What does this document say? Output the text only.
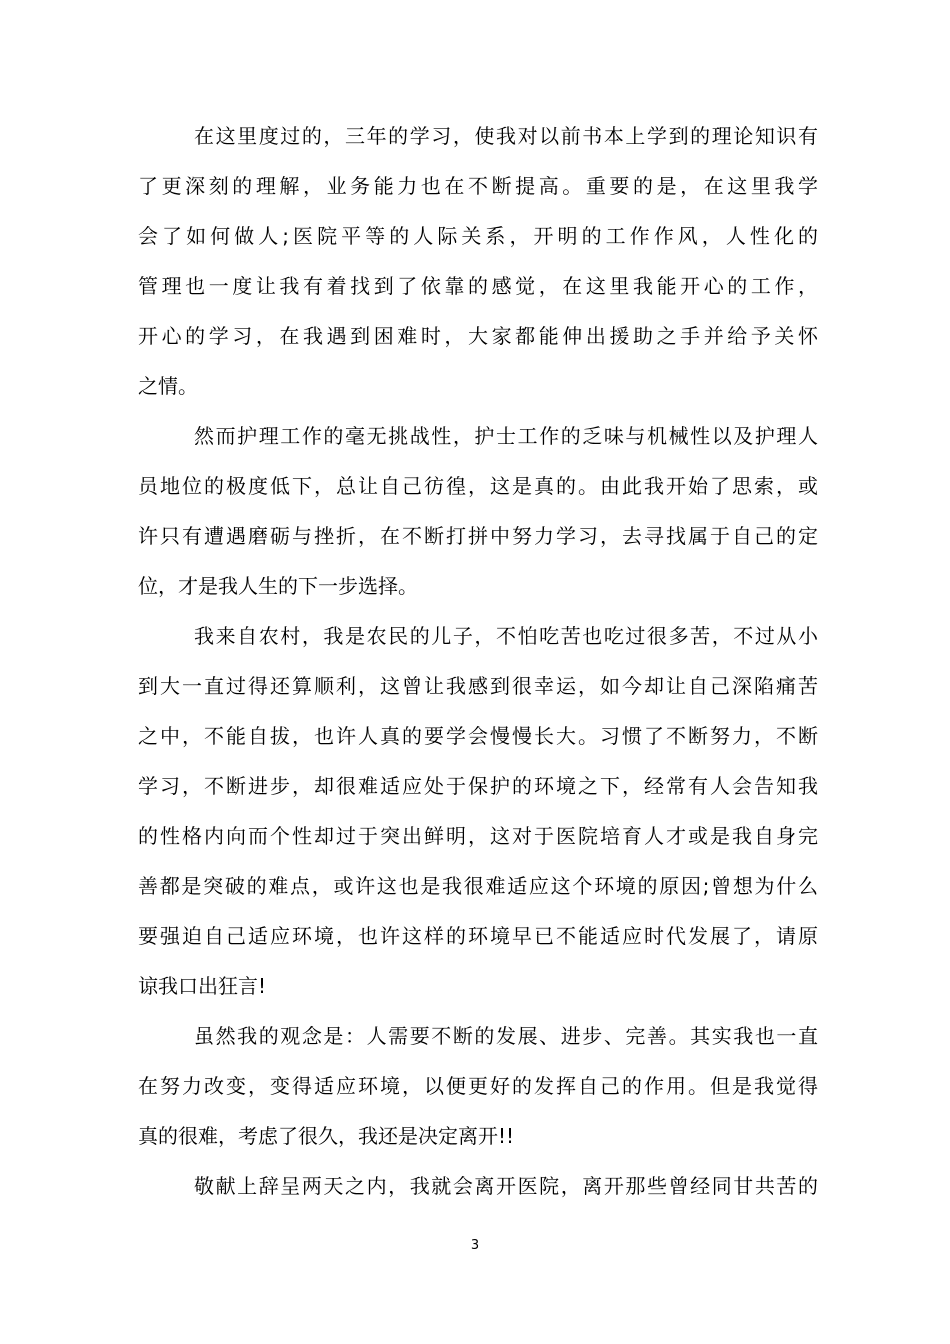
在这里度过的，三年的学习，使我对以前书本上学到的理论知识有
了更深刻的理解，业务能力也在不断提高。重要的是，在这里我学
会了如何做人;医院平等的人际关系，开明的工作作风，人性化的
管理也一度让我有着找到了依靠的感觉，在这里我能开心的工作，
开心的学习，在我遇到困难时，大家都能伸出援助之手并给予关怀
之情。
然而护理工作的毫无挑战性，护士工作的乏味与机械性以及护理人
员地位的极度低下，总让自己彷徨，这是真的。由此我开始了思索，或
许只有遭遇磨砺与挫折，在不断打拼中努力学习，去寻找属于自己的定
位，才是我人生的下一步选择。
我来自农村，我是农民的儿子，不怕吃苦也吃过很多苦，不过从小
到大一直过得还算顺利，这曾让我感到很幸运，如今却让自己深陷痛苦
之中，不能自拔，也许人真的要学会慢慢长大。习惯了不断努力，不断
学习，不断进步，却很难适应处于保护的环境之下，经常有人会告知我
的性格内向而个性却过于突出鲜明，这对于医院培育人才或是我自身完
善都是突破的难点，或许这也是我很难适应这个环境的原因;曾想为什么
要强迫自己适应环境，也许这样的环境早已不能适应时代发展了，请原
谅我口出狂言!
虽然我的观念是：人需要不断的发展、进步、完善。其实我也一直
在努力改变，变得适应环境，以便更好的发挥自己的作用。但是我觉得
真的很难，考虑了很久，我还是决定离开!!
敬献上辞呈两天之内，我就会离开医院，离开那些曾经同甘共苦的
3
